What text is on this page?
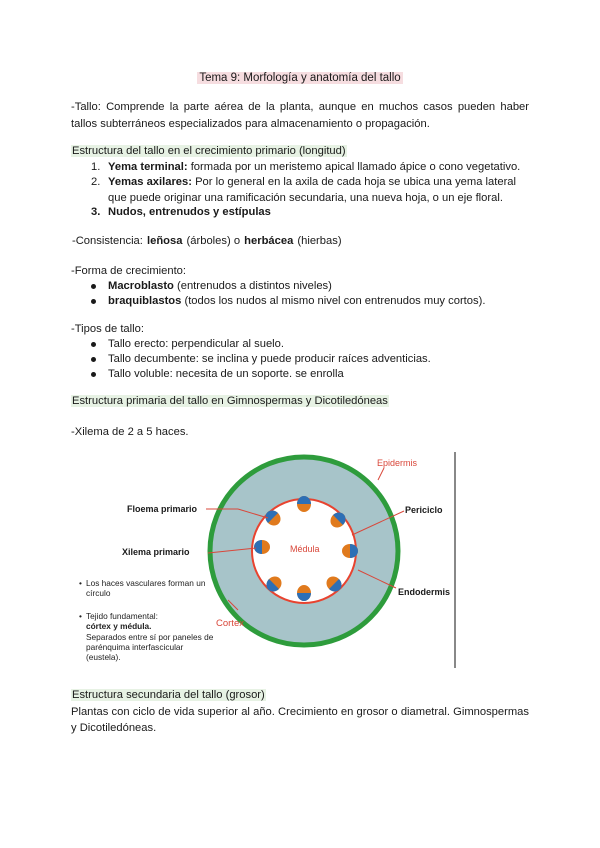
Tema 9: Morfología y anatomía del tallo
-Tallo: Comprende la parte aérea de la planta, aunque en muchos casos pueden haber tallos subterráneos especializados para almacenamiento o propagación.
Estructura del tallo en el crecimiento primario (longitud)
1. Yema terminal: formada por un meristemo apical llamado ápice o cono vegetativo.
2. Yemas axilares: Por lo general en la axila de cada hoja se ubica una yema lateral que puede originar una ramificación secundaria, una nueva hoja, o un eje floral.
3. Nudos, entrenudos y estípulas
-Consistencia: leñosa (árboles) o herbácea (hierbas)
-Forma de crecimiento:
Macroblasto (entrenudos a distintos niveles)
braquiblastos (todos los nudos al mismo nivel con entrenudos muy cortos).
-Tipos de tallo:
Tallo erecto: perpendicular al suelo.
Tallo decumbente: se inclina y puede producir raíces adventicias.
Tallo voluble: necesita de un soporte. se enrolla
Estructura primaria del tallo en Gimnospermas y Dicotiledóneas
-Xilema de 2 a 5 haces.
Epidermis
Floema primario	Periciclo
Xilema primario	Médula
Endodermis
Cortex
• Los haces vasculares forman un círculo
• Tejido fundamental:
córtex y médula.
Separados entre sí por paneles de parénquima interfascicular (eustela).
Estructura secundaria del tallo (grosor)
Plantas con ciclo de vida superior al año. Crecimiento en grosor o diametral. Gimnospermas y Dicotiledóneas.
